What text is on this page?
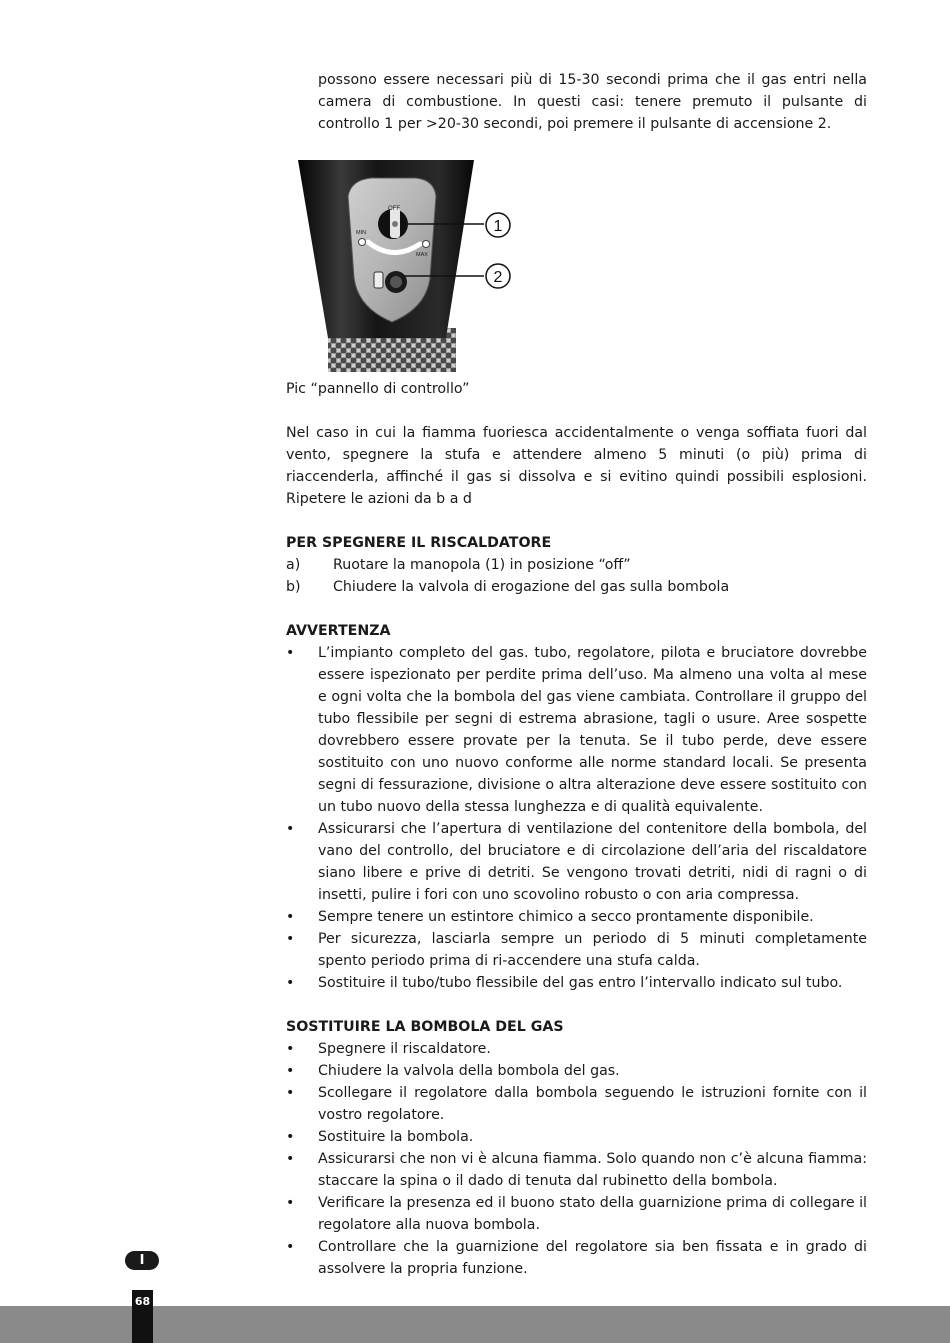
possono essere necessari più di 15-30 secondi prima che il gas entri nella camera di combustione. In questi casi: tenere premuto il pulsante di controllo 1 per >20-30 secondi, poi premere il pulsante di accensione 2.

OFF
MIN
MAX
1
2
Pic “pannello di controllo”

Nel caso in cui la fiamma fuoriesca accidentalmente o venga soffiata fuori dal vento, spegnere la stufa e attendere almeno 5 minuti (o più) prima di riaccenderla, affinché il gas si dissolva e si evitino quindi possibili esplosioni. Ripetere le azioni da b a d

PER SPEGNERE IL RISCALDATORE
a)	Ruotare la manopola (1) in posizione “off”
b)	Chiudere la valvola di erogazione del gas sulla bombola
AVVERTENZA
• L’impianto completo del gas. tubo, regolatore, pilota e bruciatore dovrebbe essere ispezionato per perdite prima dell’uso. Ma almeno una volta al mese e ogni volta che la bombola del gas viene cambiata. Controllare il gruppo del tubo flessibile per segni di estrema abrasione, tagli o usure. Aree sospette dovrebbero essere provate per la tenuta. Se il tubo perde, deve essere sostituito con uno nuovo conforme alle norme standard locali. Se presenta segni di fessurazione, divisione o altra alterazione deve essere sostituito con un tubo nuovo della stessa lunghezza e di qualità equivalente.
• Assicurarsi che l’apertura di ventilazione del contenitore della bombola, del vano del controllo, del bruciatore e di circolazione dell’aria del riscaldatore siano libere e prive di detriti. Se vengono trovati detriti, nidi di ragni o di insetti, pulire i fori con uno scovolino robusto o con aria compressa.
• Sempre tenere un estintore chimico a secco prontamente disponibile.
• Per sicurezza, lasciarla sempre un periodo di 5 minuti completamente spento periodo prima di ri-accendere una stufa calda.
• Sostituire il tubo/tubo flessibile del gas entro l’intervallo indicato sul tubo.
SOSTITUIRE LA BOMBOLA DEL GAS
• Spegnere il riscaldatore.
• Chiudere la valvola della bombola del gas.
• Scollegare il regolatore dalla bombola seguendo le istruzioni fornite con il vostro regolatore.
• Sostituire la bombola.
• Assicurarsi che non vi è alcuna fiamma. Solo quando non c’è alcuna fiamma: staccare la spina o il dado di tenuta dal rubinetto della bombola.
• Verificare la presenza ed il buono stato della guarnizione prima di collegare il regolatore alla nuova bombola.
• Controllare che la guarnizione del regolatore sia ben fissata e in grado di assolvere la propria funzione.
I
68
